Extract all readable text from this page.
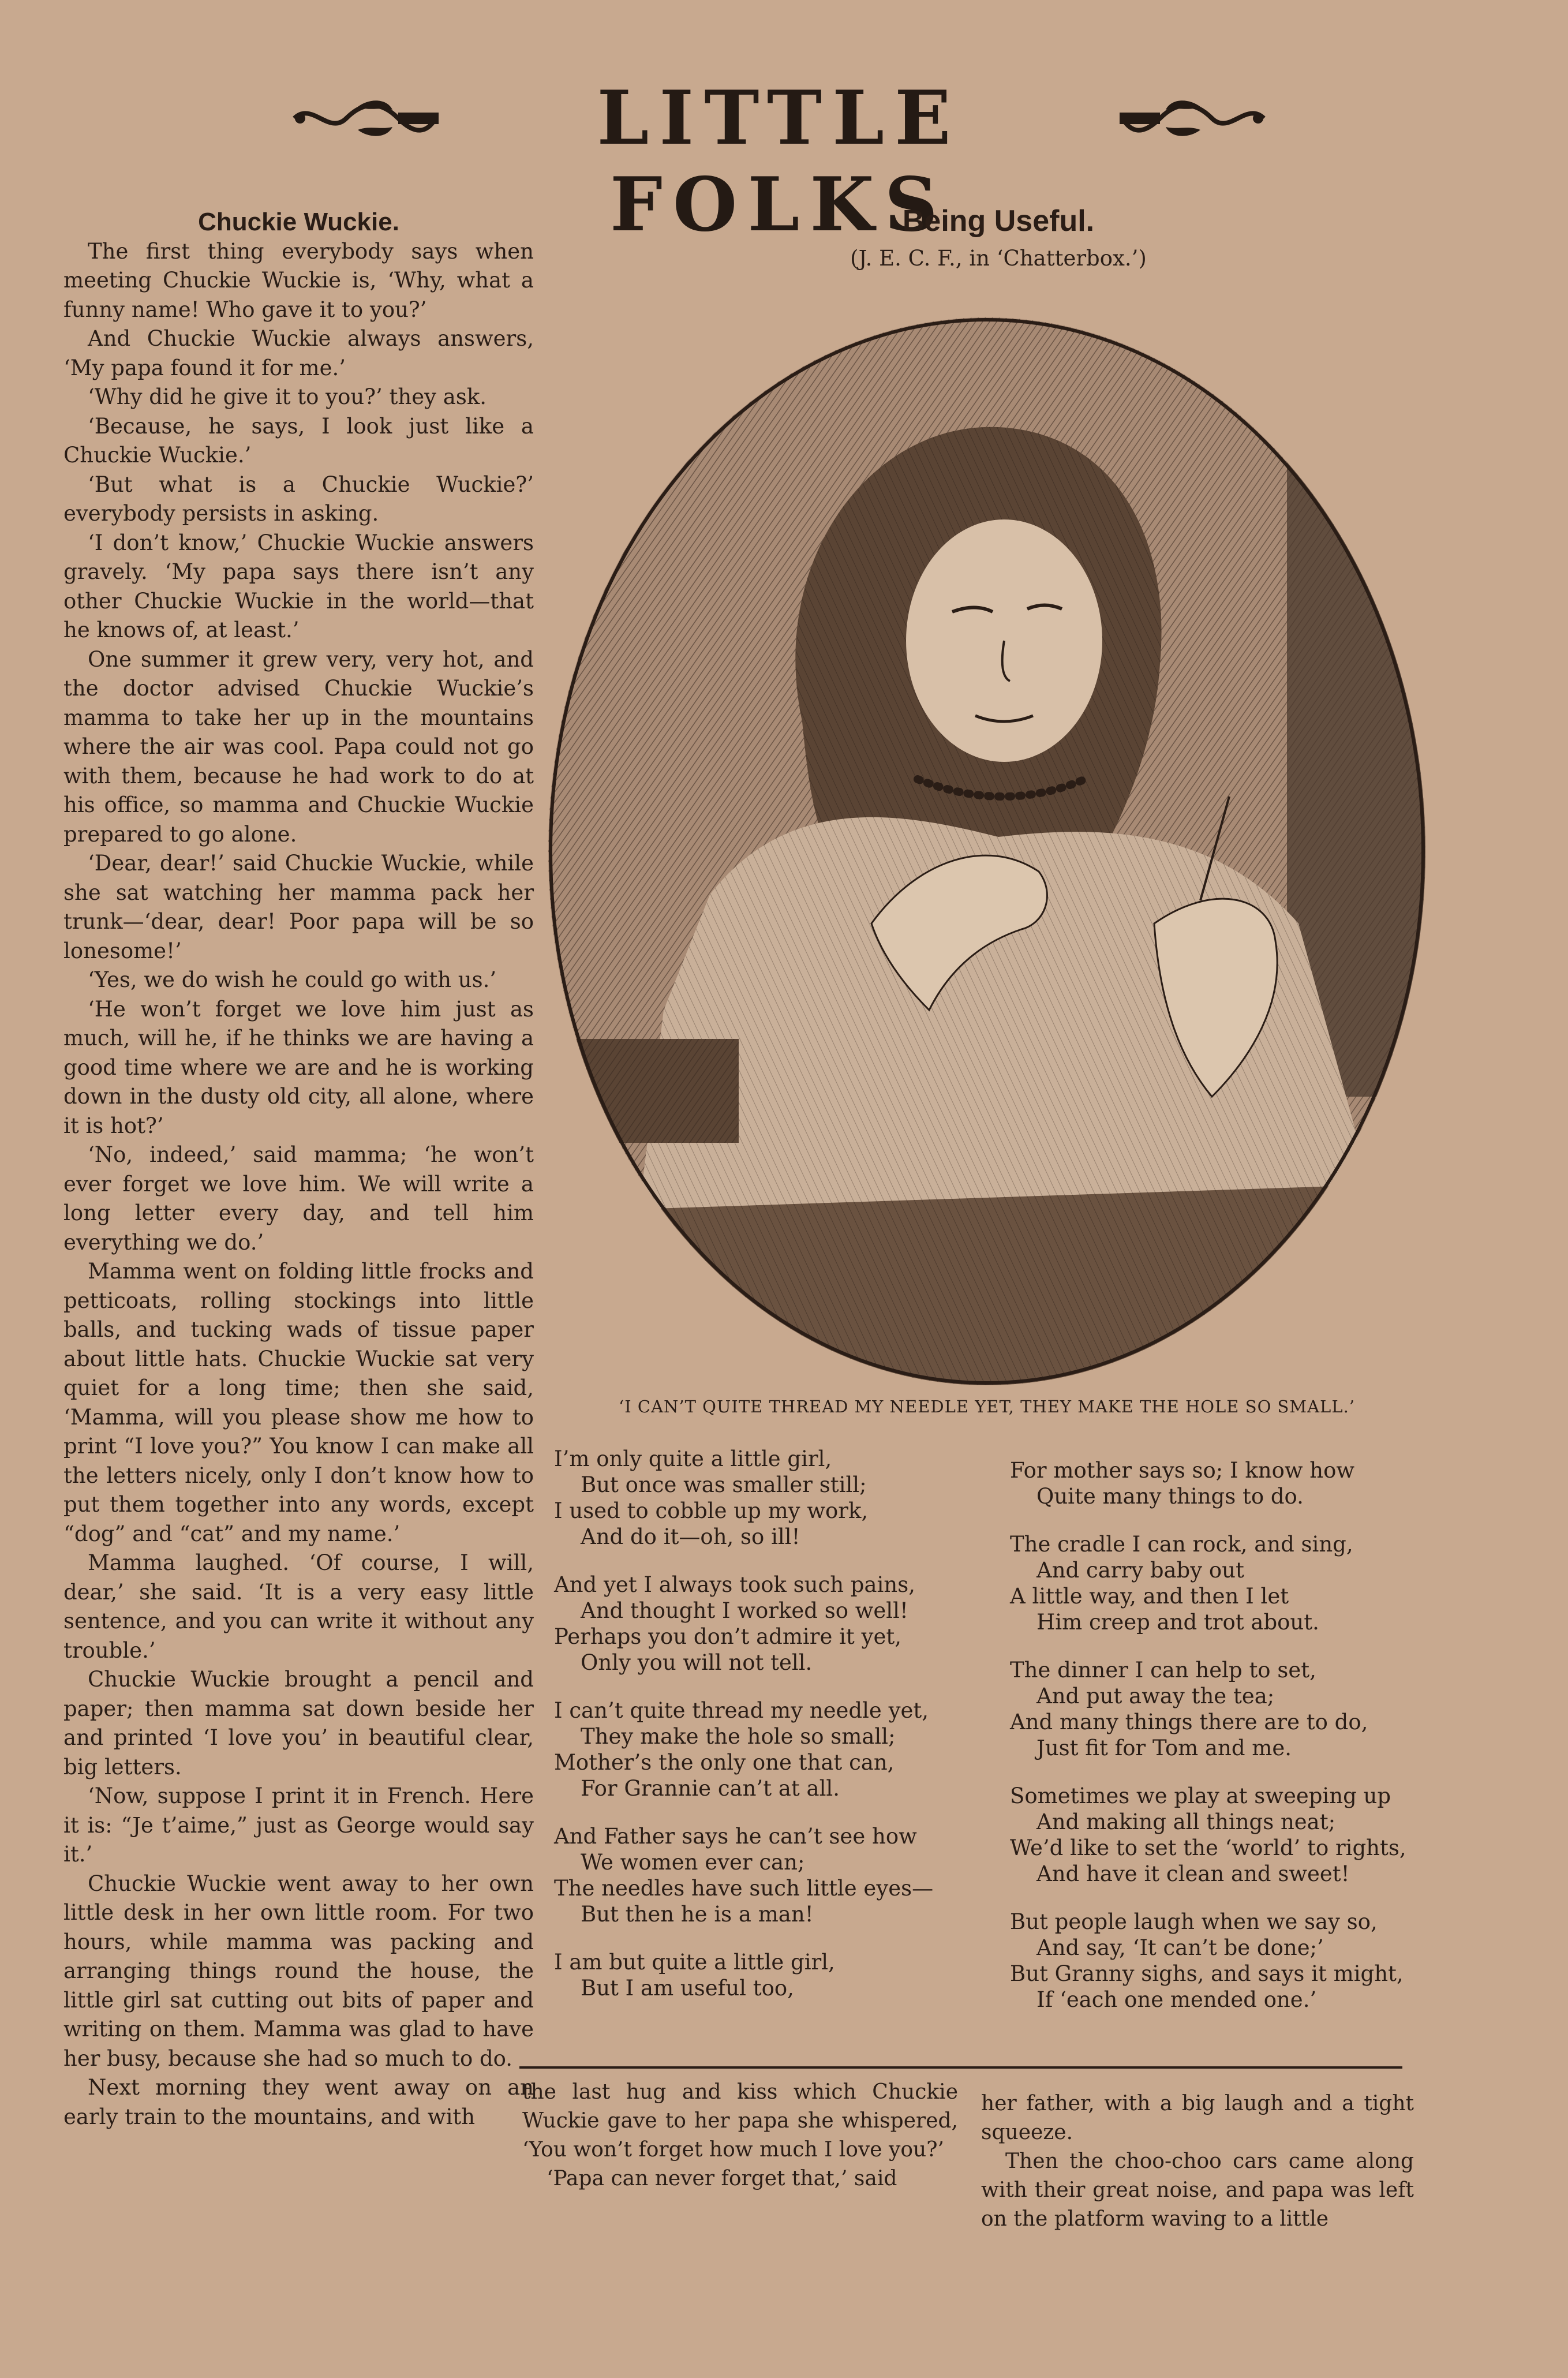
LITTLE FOLKS

Chuckie Wuckie.

The first thing everybody says when meeting Chuckie Wuckie is, ‘Why, what a funny name! Who gave it to you?’

And Chuckie Wuckie always answers, ‘My papa found it for me.’

‘Why did he give it to you?’ they ask.

‘Because, he says, I look just like a Chuckie Wuckie.’

‘But what is a Chuckie Wuckie?’ everybody persists in asking.

‘I don’t know,’ Chuckie Wuckie answers gravely. ‘My papa says there isn’t any other Chuckie Wuckie in the world—that he knows of, at least.’

One summer it grew very, very hot, and the doctor advised Chuckie Wuckie’s mamma to take her up in the mountains where the air was cool. Papa could not go with them, because he had work to do at his office, so mamma and Chuckie Wuckie prepared to go alone.

‘Dear, dear!’ said Chuckie Wuckie, while she sat watching her mamma pack her trunk—‘dear, dear! Poor papa will be so lonesome!’

‘Yes, we do wish he could go with us.’

‘He won’t forget we love him just as much, will he, if he thinks we are having a good time where we are and he is working down in the dusty old city, all alone, where it is hot?’

‘No, indeed,’ said mamma; ‘he won’t ever forget we love him. We will write a long letter every day, and tell him everything we do.’

Mamma went on folding little frocks and petticoats, rolling stockings into little balls, and tucking wads of tissue paper about little hats. Chuckie Wuckie sat very quiet for a long time; then she said, ‘Mamma, will you please show me how to print “I love you?” You know I can make all the letters nicely, only I don’t know how to put them together into any words, except “dog” and “cat” and my name.’

Mamma laughed. ‘Of course, I will, dear,’ she said. ‘It is a very easy little sentence, and you can write it without any trouble.’

Chuckie Wuckie brought a pencil and paper; then mamma sat down beside her and printed ‘I love you’ in beautiful clear, big letters.

‘Now, suppose I print it in French. Here it is: “Je t’aime,” just as George would say it.’

Chuckie Wuckie went away to her own little desk in her own little room. For two hours, while mamma was packing and arranging things round the house, the little girl sat cutting out bits of paper and writing on them. Mamma was glad to have her busy, because she had so much to do.

Next morning they went away on an early train to the mountains, and with

Being Useful.
(J. E. C. F., in ‘Chatterbox.’)
‘I CAN’T QUITE THREAD MY NEEDLE YET, THEY MAKE THE HOLE SO SMALL.’
I’m only quite a little girl,
But once was smaller still;
I used to cobble up my work,
And do it—oh, so ill!
And yet I always took such pains,
And thought I worked so well!
Perhaps you don’t admire it yet,
Only you will not tell.
I can’t quite thread my needle yet,
They make the hole so small;
Mother’s the only one that can,
For Grannie can’t at all.
And Father says he can’t see how
We women ever can;
The needles have such little eyes—
But then he is a man!
I am but quite a little girl,
But I am useful too,
For mother says so; I know how
Quite many things to do.
The cradle I can rock, and sing,
And carry baby out
A little way, and then I let
Him creep and trot about.
The dinner I can help to set,
And put away the tea;
And many things there are to do,
Just fit for Tom and me.
Sometimes we play at sweeping up
And making all things neat;
We’d like to set the ‘world’ to rights,
And have it clean and sweet!
But people laugh when we say so,
And say, ‘It can’t be done;’
But Granny sighs, and says it might,
If ‘each one mended one.’

the last hug and kiss which Chuckie Wuckie gave to her papa she whispered, ‘You won’t forget how much I love you?’

‘Papa can never forget that,’ said

her father, with a big laugh and a tight squeeze.

Then the choo-choo cars came along with their great noise, and papa was left on the platform waving to a little
